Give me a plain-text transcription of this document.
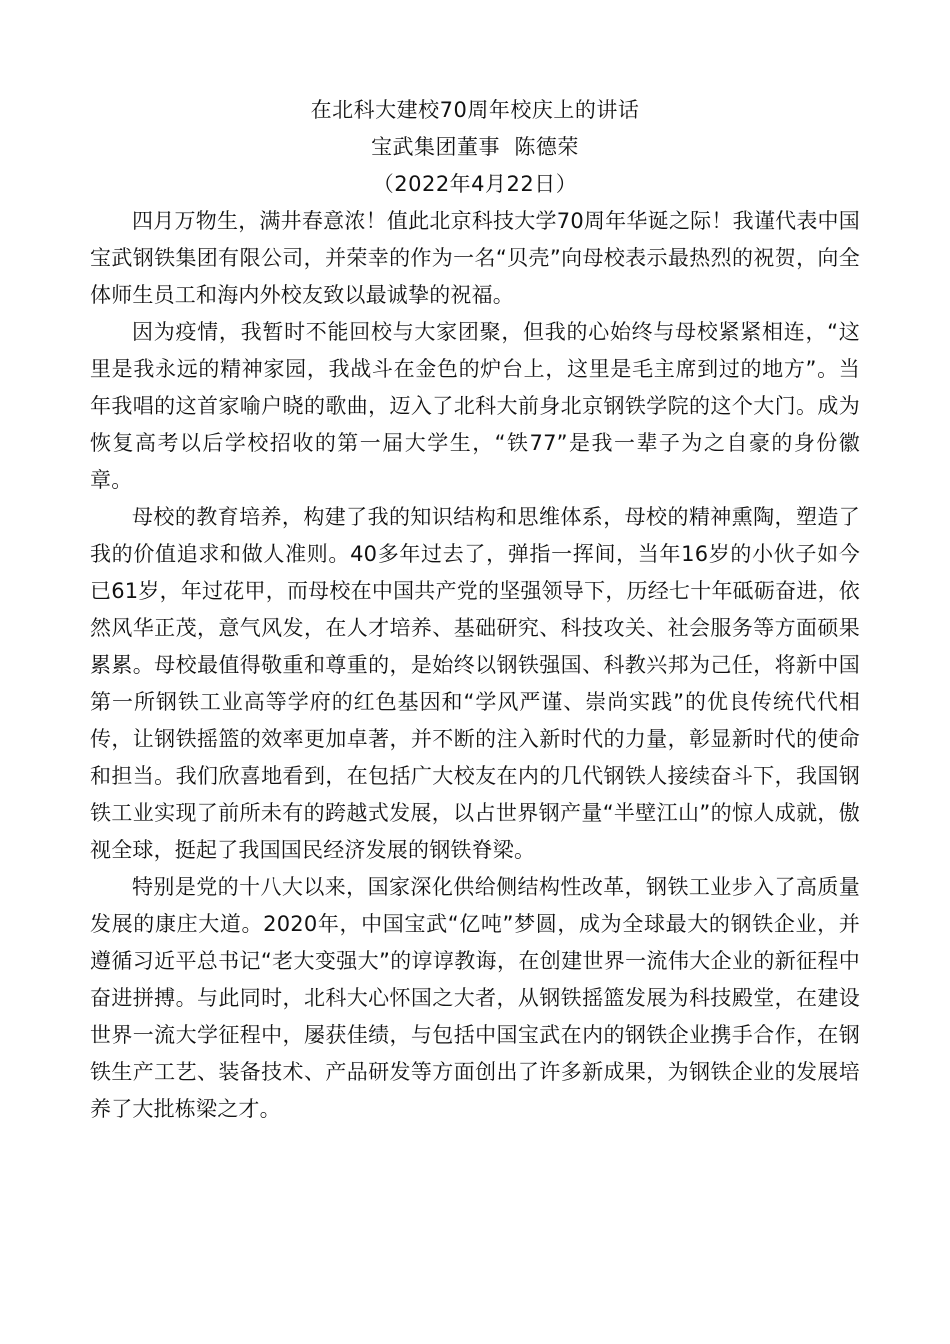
在北科大建校70周年校庆上的讲话
宝武集团董事  陈德荣
（2022年4月22日）

四月万物生，满井春意浓！值此北京科技大学70周年华诞之际！我谨代表中国宝武钢铁集团有限公司，并荣幸的作为一名“贝壳”向母校表示最热烈的祝贺，向全体师生员工和海内外校友致以最诚挚的祝福。

因为疫情，我暂时不能回校与大家团聚，但我的心始终与母校紧紧相连，“这里是我永远的精神家园，我战斗在金色的炉台上，这里是毛主席到过的地方”。当年我唱的这首家喻户晓的歌曲，迈入了北科大前身北京钢铁学院的这个大门。成为恢复高考以后学校招收的第一届大学生，“铁77”是我一辈子为之自豪的身份徽章。

母校的教育培养，构建了我的知识结构和思维体系，母校的精神熏陶，塑造了我的价值追求和做人准则。40多年过去了，弹指一挥间，当年16岁的小伙子如今已61岁，年过花甲，而母校在中国共产党的坚强领导下，历经七十年砥砺奋进，依然风华正茂，意气风发，在人才培养、基础研究、科技攻关、社会服务等方面硕果累累。母校最值得敬重和尊重的，是始终以钢铁强国、科教兴邦为己任，将新中国第一所钢铁工业高等学府的红色基因和“学风严谨、崇尚实践”的优良传统代代相传，让钢铁摇篮的效率更加卓著，并不断的注入新时代的力量，彰显新时代的使命和担当。我们欣喜地看到，在包括广大校友在内的几代钢铁人接续奋斗下，我国钢铁工业实现了前所未有的跨越式发展，以占世界钢产量“半壁江山”的惊人成就，傲视全球，挺起了我国国民经济发展的钢铁脊梁。

特别是党的十八大以来，国家深化供给侧结构性改革，钢铁工业步入了高质量发展的康庄大道。2020年，中国宝武“亿吨”梦圆，成为全球最大的钢铁企业，并遵循习近平总书记“老大变强大”的谆谆教诲，在创建世界一流伟大企业的新征程中奋进拼搏。与此同时，北科大心怀国之大者，从钢铁摇篮发展为科技殿堂，在建设世界一流大学征程中，屡获佳绩，与包括中国宝武在内的钢铁企业携手合作，在钢铁生产工艺、装备技术、产品研发等方面创出了许多新成果，为钢铁企业的发展培养了大批栋梁之才。
